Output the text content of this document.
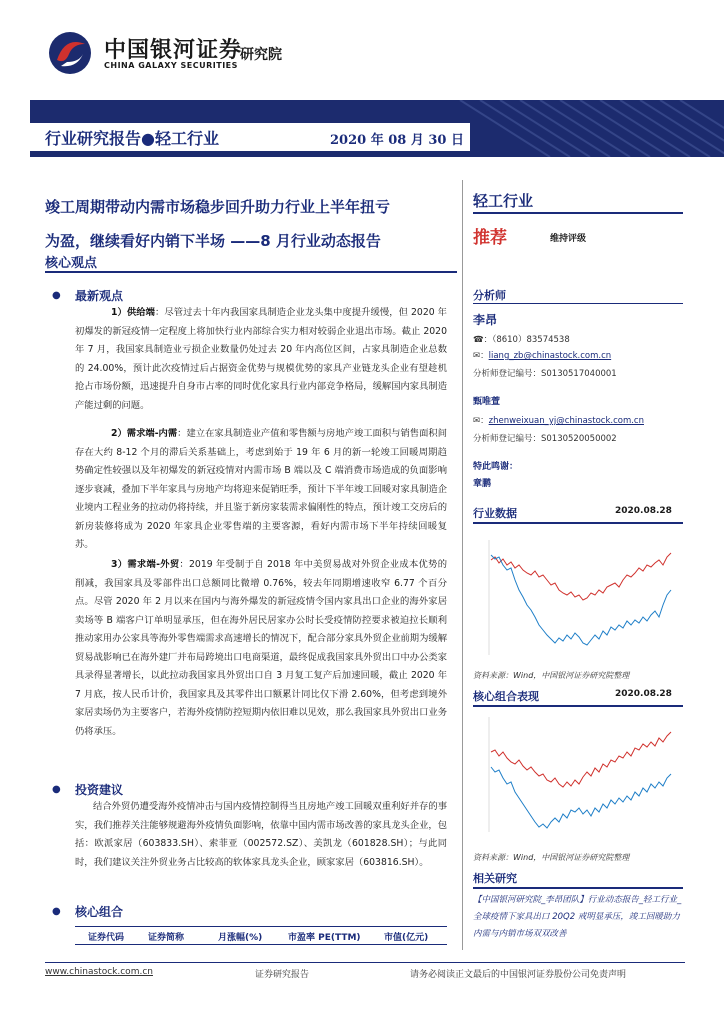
中国银河证券
研究院
CHINA GALAXY SECURITIES
行业研究报告●轻工行业	2020 年 08 月 30 日
竣工周期带动内需市场稳步回升助力行业上半年扭亏
为盈，继续看好内销下半场 ——8 月行业动态报告
核心观点
● 最新观点
1）供给端：尽管过去十年内我国家具制造企业龙头集中度提升缓慢，但 2020 年初爆发的新冠疫情一定程度上将加快行业内部综合实力相对较弱企业退出市场。截止 2020 年 7 月，我国家具制造业亏损企业数量仍处过去 20 年内高位区间，占家具制造企业总数的 24.00%，预计此次疫情过后占据资金优势与规模优势的家具产业链龙头企业有望趁机抢占市场份额，迅速提升自身市占率的同时优化家具行业内部竞争格局，缓解国内家具制造产能过剩的问题。
2）需求端-内需：建立在家具制造业产值和零售额与房地产竣工面积与销售面积间存在大约 8-12 个月的滞后关系基础上，考虑到始于 19 年 6 月的新一轮竣工回暖周期趋势确定性较强以及年初爆发的新冠疫情对内需市场 B 端以及 C 端消费市场造成的负面影响逐步衰减，叠加下半年家具与房地产均将迎来促销旺季，预计下半年竣工回暖对家具制造企业境内工程业务的拉动仍将持续，并且鉴于新房家装需求偏刚性的特点，预计竣工交房后的新房装修将成为 2020 年家具企业零售端的主要客源，看好内需市场下半年持续回暖复苏。
3）需求端-外贸：2019 年受制于自 2018 年中美贸易战对外贸企业成本优势的削减，我国家具及零部件出口总额同比微增 0.76%，较去年同期增速收窄 6.77 个百分点。尽管 2020 年 2 月以来在国内与海外爆发的新冠疫情令国内家具出口企业的海外家居卖场等 B 端客户订单明显承压，但在海外居民居家办公时长受疫情防控要求被迫拉长顺利推动家用办公家具等海外零售端需求高速增长的情况下，配合部分家具外贸企业前期为缓解贸易战影响已在海外建厂并布局跨境出口电商渠道，最终促成我国家具外贸出口中办公类家具录得显著增长，以此拉动我国家具外贸出口自 3 月复工复产后加速回暖，截止 2020 年 7 月底，按人民币计价，我国家具及其零件出口额累计同比仅下滑 2.60%，但考虑到境外家居卖场仍为主要客户，若海外疫情防控短期内依旧难以见效，那么我国家具外贸出口业务仍将承压。
● 投资建议
结合外贸仍遭受海外疫情冲击与国内疫情控制得当且房地产竣工回暖双重利好并存的事实，我们推荐关注能够规避海外疫情负面影响，依靠中国内需市场改善的家具龙头企业，包括：欧派家居（603833.SH）、索菲亚（002572.SZ）、美凯龙（601828.SH）；与此同时，我们建议关注外贸业务占比较高的软体家具龙头企业，顾家家居（603816.SH）。
● 核心组合
证券代码	证券简称	月涨幅(%)	市盈率 PE(TTM)	市值(亿元)
轻工行业
推荐	维持评级
分析师
李昂
☎：（8610）83574538
✉：liang_zb@chinastock.com.cn
分析师登记编号：S0130517040001
甄唯萱
✉：zhenweixuan_yj@chinastock.com.cn
分析师登记编号：S0130520050002
特此鸣谢：
章鹏
行业数据	2020.08.28
资料来源：Wind，中国银河证券研究院整理
核心组合表现	2020.08.28
资料来源：Wind，中国银河证券研究院整理
相关研究
【中国银河研究院_李昂团队】行业动态报告_轻工行业_全球疫情下家具出口 20Q2 戒明显承压，竣工回暖助力内需与内销市场双双改善
www.chinastock.com.cn	证券研究报告	请务必阅读正文最后的中国银河证券股份公司免责声明
